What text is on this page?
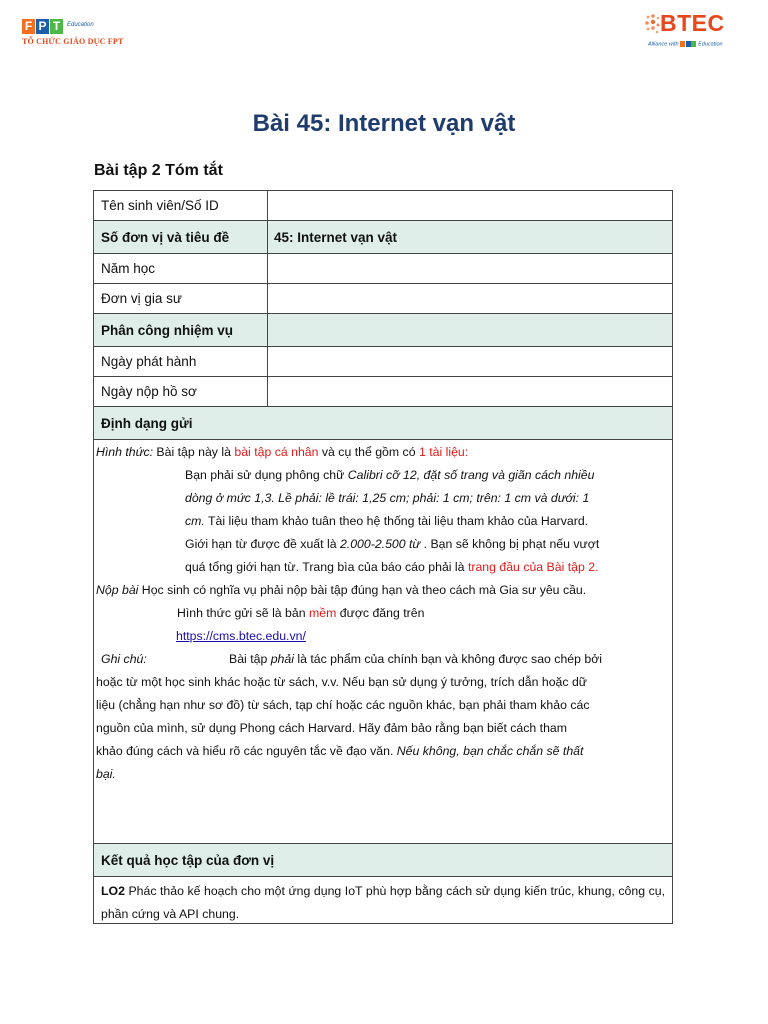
F P T	Education
TỔ CHỨC GIÁO DỤC FPT
BTEC
Alliance with	Education
Bài 45: Internet vạn vật
Bài tập 2 Tóm tắt
Tên sinh viên/Số ID
Số đơn vị và tiêu đề	45: Internet vạn vật
Năm học
Đơn vị gia sư
Phân công nhiệm vụ
Ngày phát hành
Ngày nộp hồ sơ
Định dạng gửi
Hình thức: Bài tập này là bài tập cá nhân và cụ thể gồm có 1 tài liệu:
Bạn phải sử dụng phông chữ Calibri cỡ 12, đặt số trang và giãn cách nhiều
dòng ở mức 1,3. Lề phải: lề trái: 1,25 cm; phải: 1 cm; trên: 1 cm và dưới: 1
cm. Tài liệu tham khảo tuân theo hệ thống tài liệu tham khảo của Harvard.
Giới hạn từ được đề xuất là 2.000-2.500 từ . Bạn sẽ không bị phạt nếu vượt
quá tổng giới hạn từ. Trang bìa của báo cáo phải là trang đầu của Bài tập 2.
Nộp bài Học sinh có nghĩa vụ phải nộp bài tập đúng hạn và theo cách mà Gia sư yêu cầu.
Hình thức gửi sẽ là bản mềm được đăng trên
https://cms.btec.edu.vn/
Ghi chú:	Bài tập phải là tác phẩm của chính bạn và không được sao chép bởi
hoặc từ một học sinh khác hoặc từ sách, v.v. Nếu bạn sử dụng ý tưởng, trích dẫn hoặc dữ
liệu (chẳng hạn như sơ đồ) từ sách, tạp chí hoặc các nguồn khác, bạn phải tham khảo các
nguồn của mình, sử dụng Phong cách Harvard. Hãy đảm bảo rằng bạn biết cách tham
khảo đúng cách và hiểu rõ các nguyên tắc về đạo văn. Nếu không, bạn chắc chắn sẽ thất
bại.
Kết quả học tập của đơn vị
LO2 Phác thảo kế hoạch cho một ứng dụng IoT phù hợp bằng cách sử dụng kiến trúc, khung, công cụ, phần cứng và API chung.
